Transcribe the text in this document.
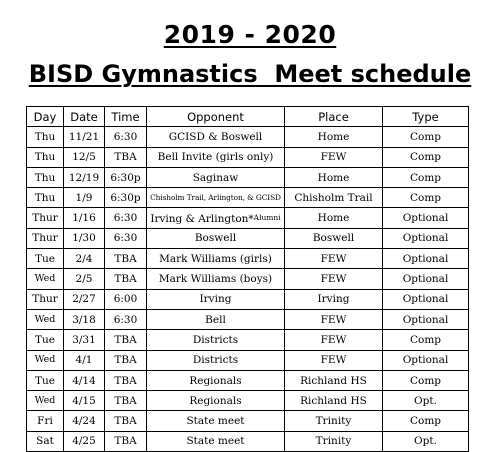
2019 - 2020
BISD Gymnastics  Meet schedule
Day	Date	Time	Opponent	Place	Type
Thu	11/21	6:30	GCISD & Boswell	Home	Comp
Thu	12/5	TBA	Bell Invite (girls only)	FEW	Comp
Thu	12/19	6:30p	Saginaw	Home	Comp
Thu	1/9	6:30p	Chisholm Trail, Arlington, & GCISD	Chisholm Trail	Comp
Thur	1/16	6:30	Irving & Arlington*$^{Alumni}$	Home	Optional
Thur	1/30	6:30	Boswell	Boswell	Optional
Tue	2/4	TBA	Mark Williams (girls)	FEW	Optional
Wed	2/5	TBA	Mark Williams (boys)	FEW	Optional
Thur	2/27	6:00	Irving	Irving	Optional
Wed	3/18	6:30	Bell	FEW	Optional
Tue	3/31	TBA	Districts	FEW	Comp
Wed	4/1	TBA	Districts	FEW	Optional
Tue	4/14	TBA	Regionals	Richland HS	Comp
Wed	4/15	TBA	Regionals	Richland HS	Opt.
Fri	4/24	TBA	State meet	Trinity	Comp
Sat	4/25	TBA	State meet	Trinity	Opt.
